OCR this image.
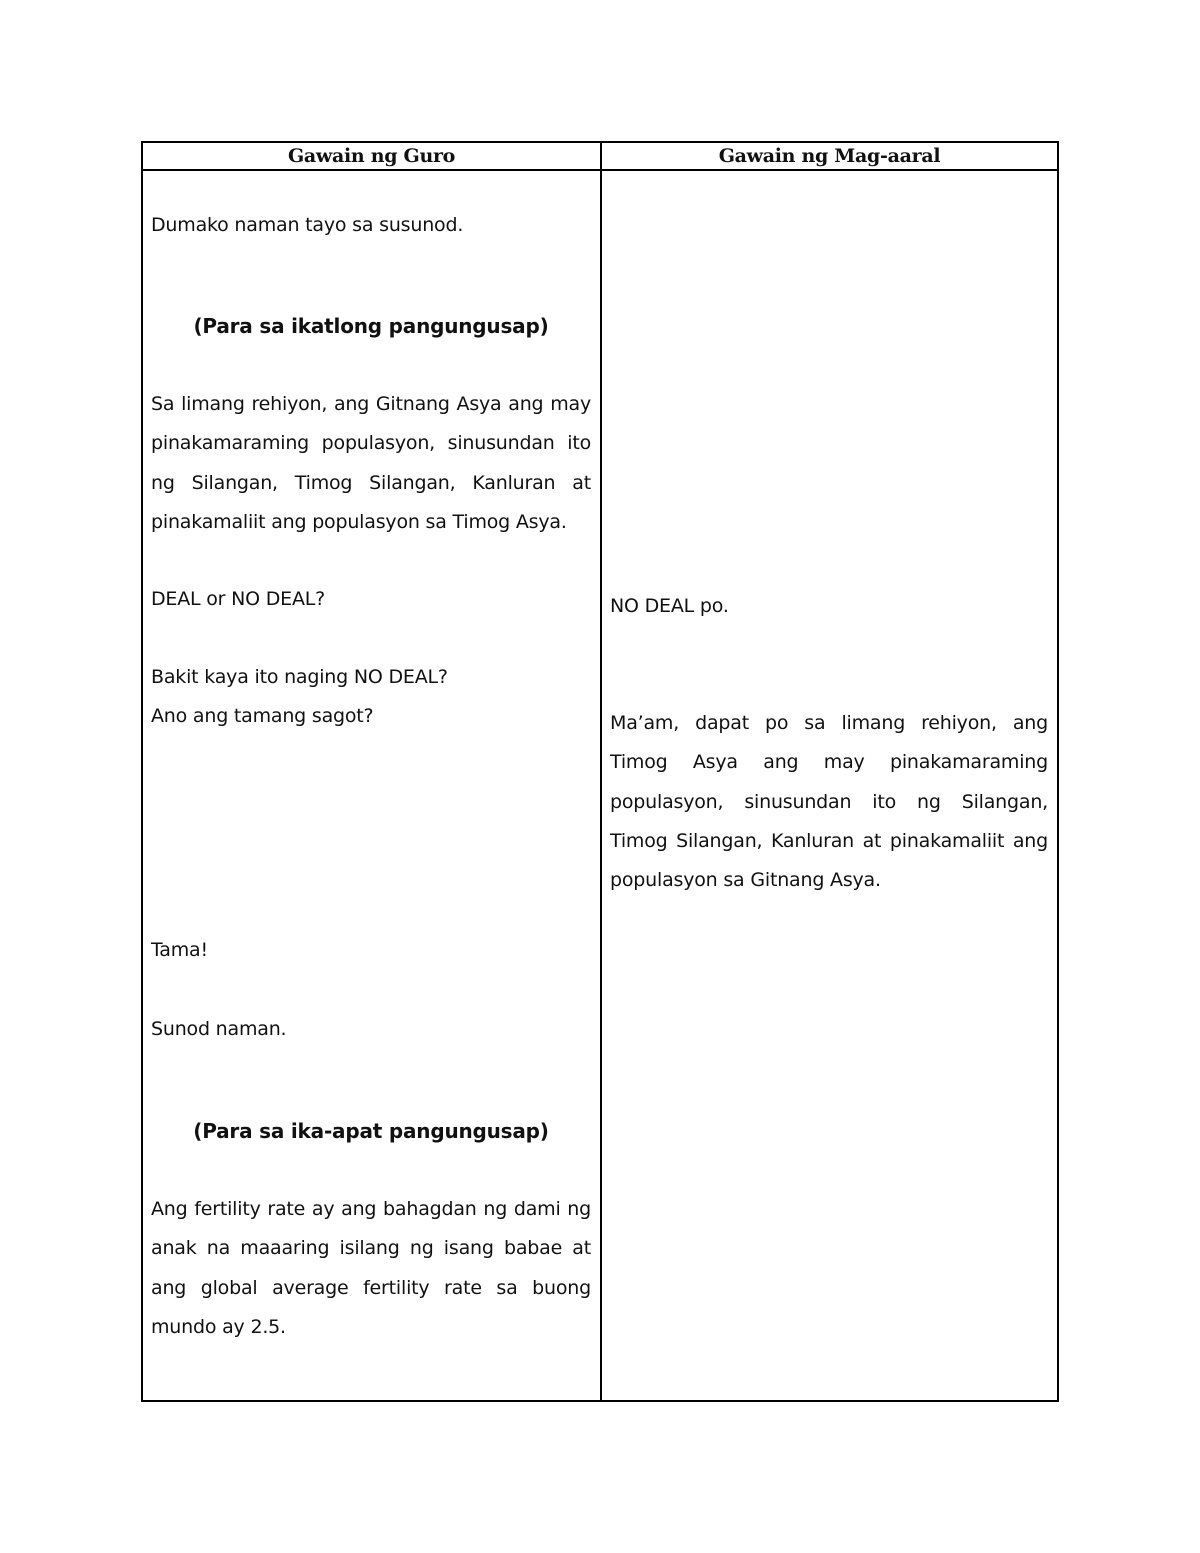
Gawain ng Guro	Gawain ng Mag-aaral

Dumako naman tayo sa susunod.

(Para sa ikatlong pangungusap)

Sa limang rehiyon, ang Gitnang Asya ang may pinakamaraming populasyon, sinusundan ito ng Silangan, Timog Silangan, Kanluran at pinakamaliit ang populasyon sa Timog Asya.

DEAL or NO DEAL?

Bakit kaya ito naging NO DEAL?

Ano ang tamang sagot?

Tama!

Sunod naman.

(Para sa ika-apat pangungusap)

Ang fertility rate ay ang bahagdan ng dami ng anak na maaaring isilang ng isang babae at ang global average fertility rate sa buong mundo ay 2.5.

NO DEAL po.

Ma’am, dapat po sa limang rehiyon, ang Timog Asya ang may pinakamaraming populasyon, sinusundan ito ng Silangan, Timog Silangan, Kanluran at pinakamaliit ang populasyon sa Gitnang Asya.
